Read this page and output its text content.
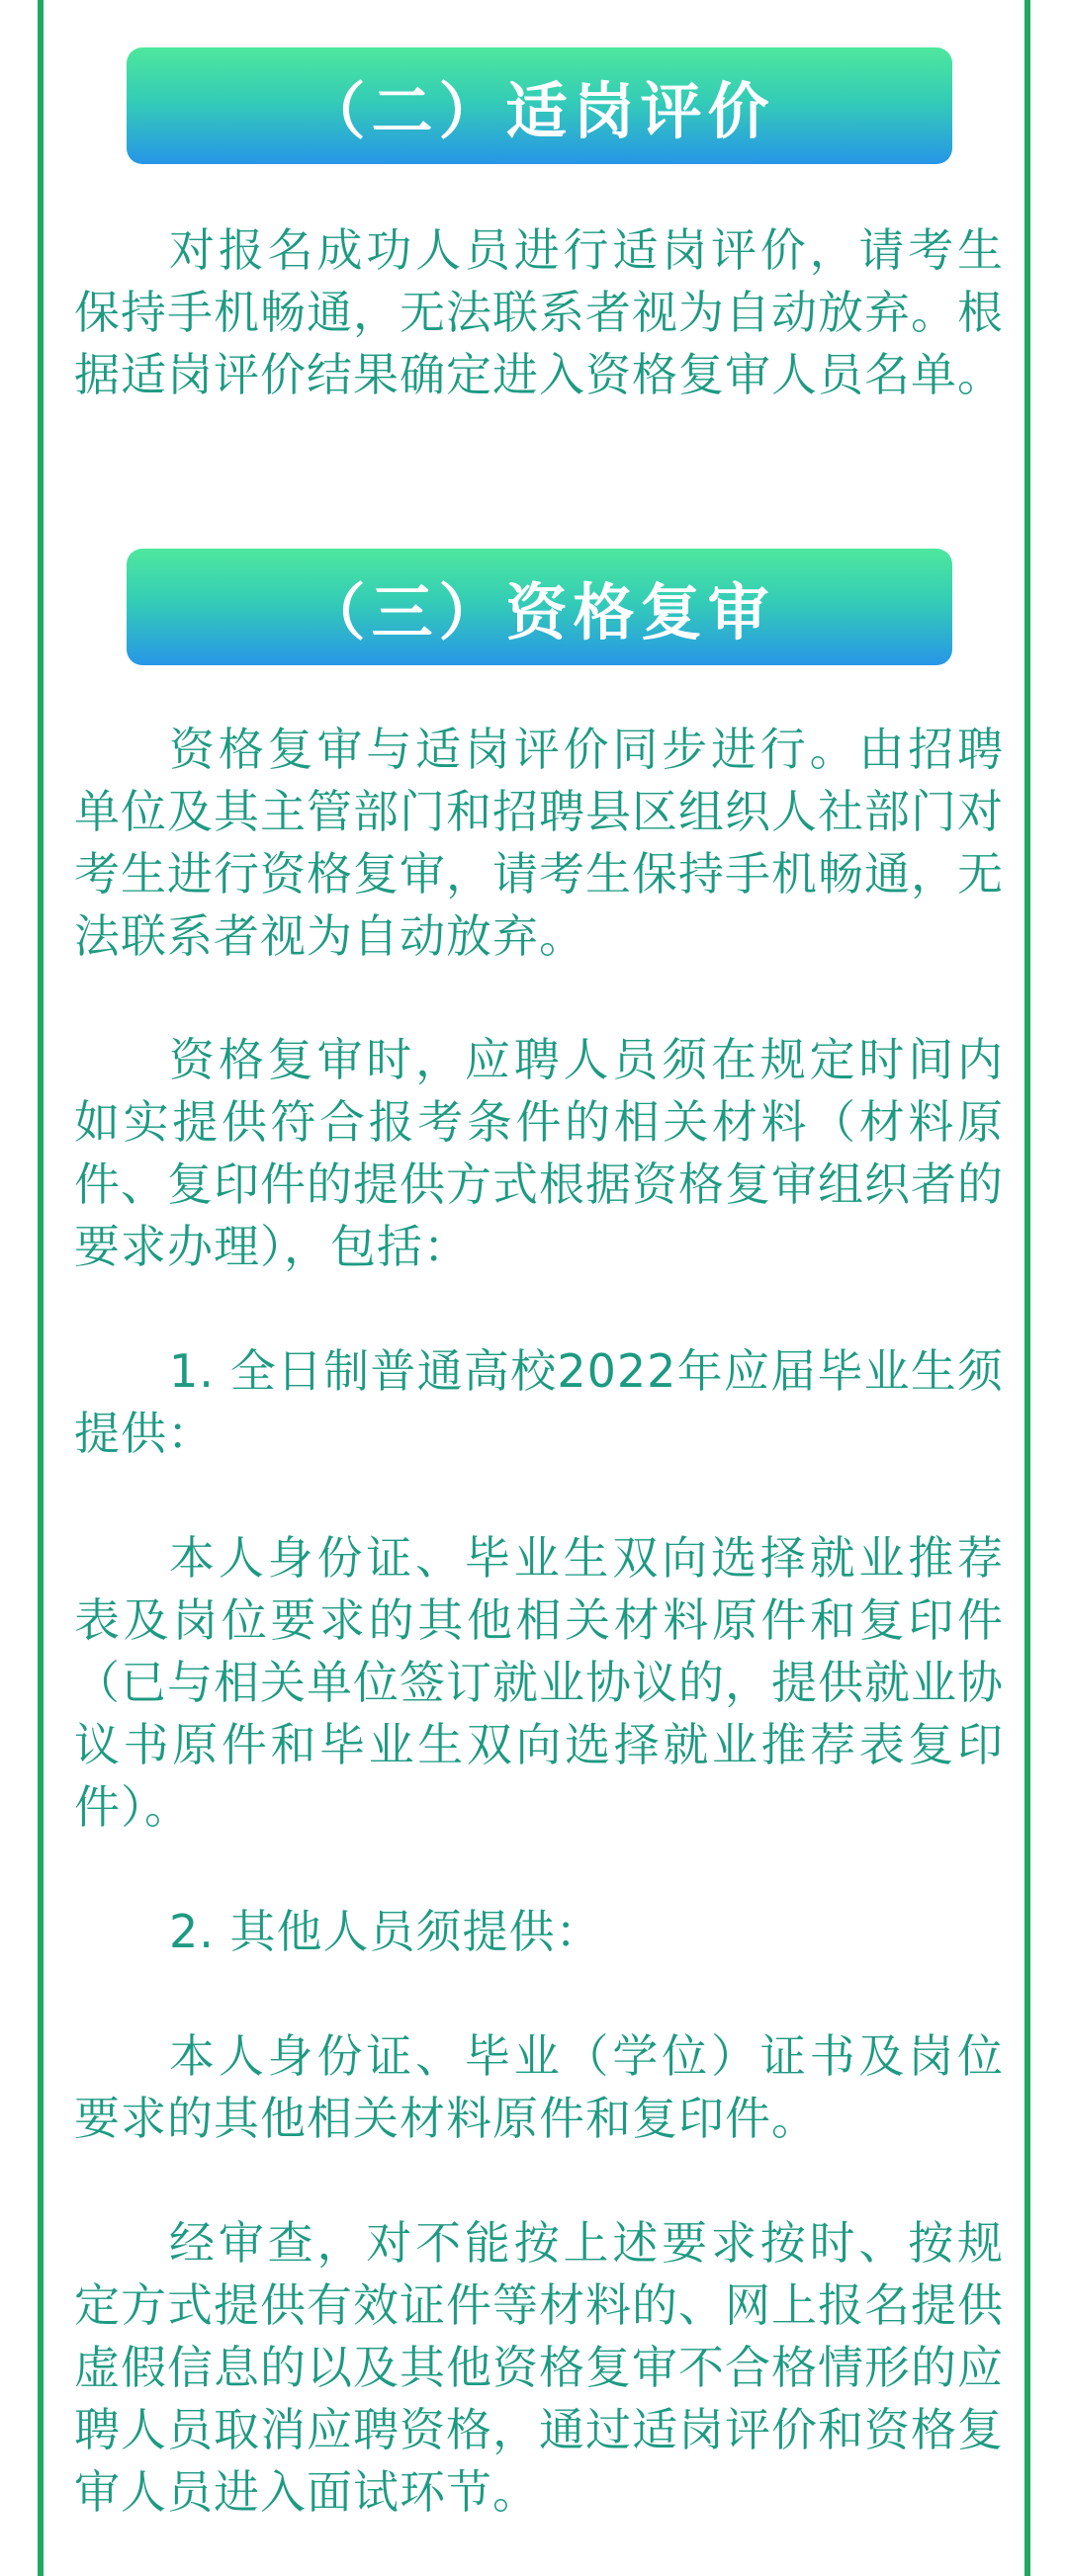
（二）适岗评价

对报名成功人员进行适岗评价，请考生保持手机畅通，无法联系者视为自动放弃。根据适岗评价结果确定进入资格复审人员名单。

（三）资格复审

资格复审与适岗评价同步进行。由招聘单位及其主管部门和招聘县区组织人社部门对考生进行资格复审，请考生保持手机畅通，无法联系者视为自动放弃。

资格复审时，应聘人员须在规定时间内如实提供符合报考条件的相关材料（材料原件、复印件的提供方式根据资格复审组织者的要求办理），包括：

1. 全日制普通高校2022年应届毕业生须提供：

本人身份证、毕业生双向选择就业推荐表及岗位要求的其他相关材料原件和复印件（已与相关单位签订就业协议的，提供就业协议书原件和毕业生双向选择就业推荐表复印件）。

2. 其他人员须提供：

本人身份证、毕业（学位）证书及岗位要求的其他相关材料原件和复印件。

经审查，对不能按上述要求按时、按规定方式提供有效证件等材料的、网上报名提供虚假信息的以及其他资格复审不合格情形的应聘人员取消应聘资格，通过适岗评价和资格复审人员进入面试环节。
